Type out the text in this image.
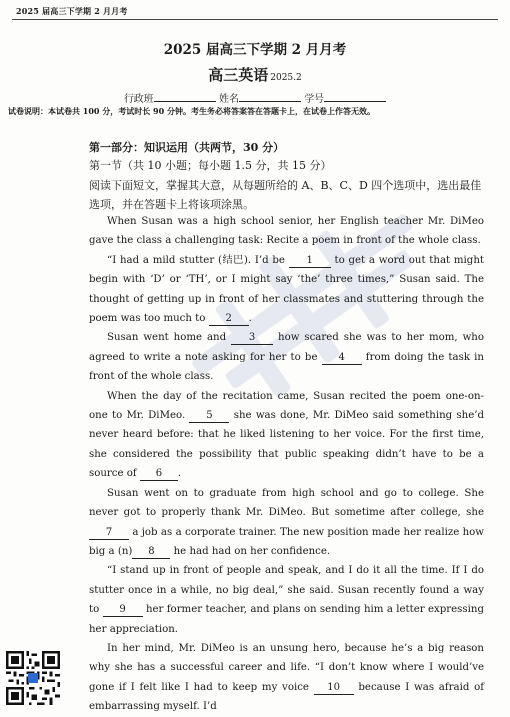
2025 届高三下学期 2 月月考
2025 届高三下学期 2 月月考
高三英语 2025.2
行政班	姓名	学号
试卷说明：本试卷共 100 分，考试时长 90 分钟。考生务必将答案答在答题卡上，在试卷上作答无效。
第一部分：知识运用（共两节，30 分）
第一节（共 10 小题；每小题 1.5 分，共 15 分）
阅读下面短文，掌握其大意，从每题所给的 A、B、C、D 四个选项中，选出最佳选项，并在答题卡上将该项涂黑。

When Susan was a high school senior, her English teacher Mr. DiMeo gave the class a challenging task: Recite a poem in front of the whole class.

“I had a mild stutter (结巴). I’d be 1 to get a word out that might begin with ‘D’ or ‘TH’, or I might say ‘the’ three times,” Susan said. The thought of getting up in front of her classmates and stuttering through the poem was too much to 2 .

Susan went home and 3 how scared she was to her mom, who agreed to write a note asking for her to be 4 from doing the task in front of the whole class.

When the day of the recitation came, Susan recited the poem one-on-one to Mr. DiMeo. 5 she was done, Mr. DiMeo said something she’d never heard before: that he liked listening to her voice. For the first time, she considered the possibility that public speaking didn’t have to be a source of 6 .

Susan went on to graduate from high school and go to college. She never got to properly thank Mr. DiMeo. But sometime after college, she 7 a job as a corporate trainer. The new position made her realize how big a (n) 8 he had had on her confidence.

“I stand up in front of people and speak, and I do it all the time. If I do stutter once in a while, no big deal,” she said. Susan recently found a way to 9 her former teacher, and plans on sending him a letter expressing her appreciation.

In her mind, Mr. DiMeo is an unsung hero, because he’s a big reason why she has a successful career and life. “I don’t know where I would’ve gone if I felt like I had to keep my voice 10 because I was afraid of embarrassing myself. I’d
